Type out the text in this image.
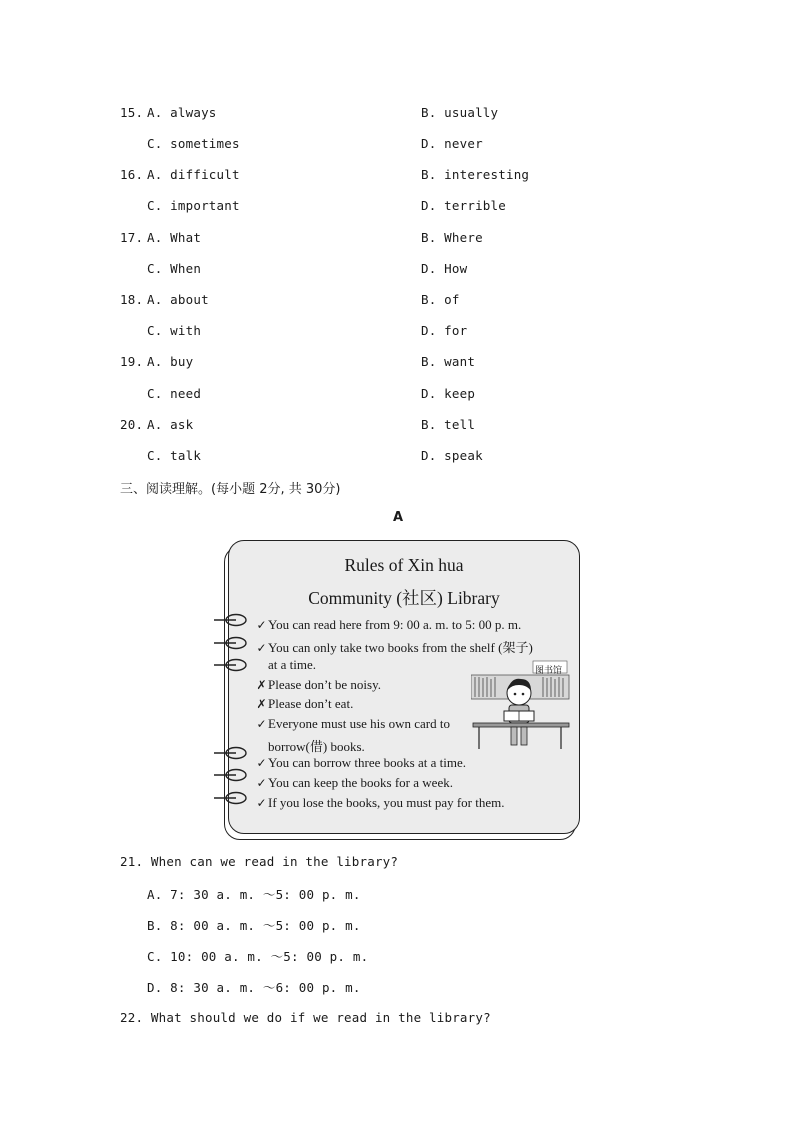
15. A. always	B. usually
C. sometimes	D. never
16. A. difficult	B. interesting
C. important	D. terrible
17. A. What	B. Where
C. When	D. How
18. A. about	B. of
C. with	D. for
19. A. buy	B. want
C. need	D. keep
20. A. ask	B. tell
C. talk	D. speak
三、阅读理解。(每小题 2分, 共 30分)
A
Rules of Xin hua
Community (社区) Library
✓You can read here from 9: 00 a. m. to 5: 00 p. m.
✓You can only take two books from the shelf (架子)
at a time.
✗Please don’t be noisy.
✗Please don’t eat.
✓Everyone must use his own card to
borrow(借) books.
✓You can borrow three books at a time.
✓You can keep the books for a week.
✓If you lose the books, you must pay for them.
图书馆
21. When can we read in the library?
A. 7: 30 a. m. ～5: 00 p. m.
B. 8: 00 a. m. ～5: 00 p. m.
C. 10: 00 a. m. ～5: 00 p. m.
D. 8: 30 a. m. ～6: 00 p. m.
22. What should we do if we read in the library?
